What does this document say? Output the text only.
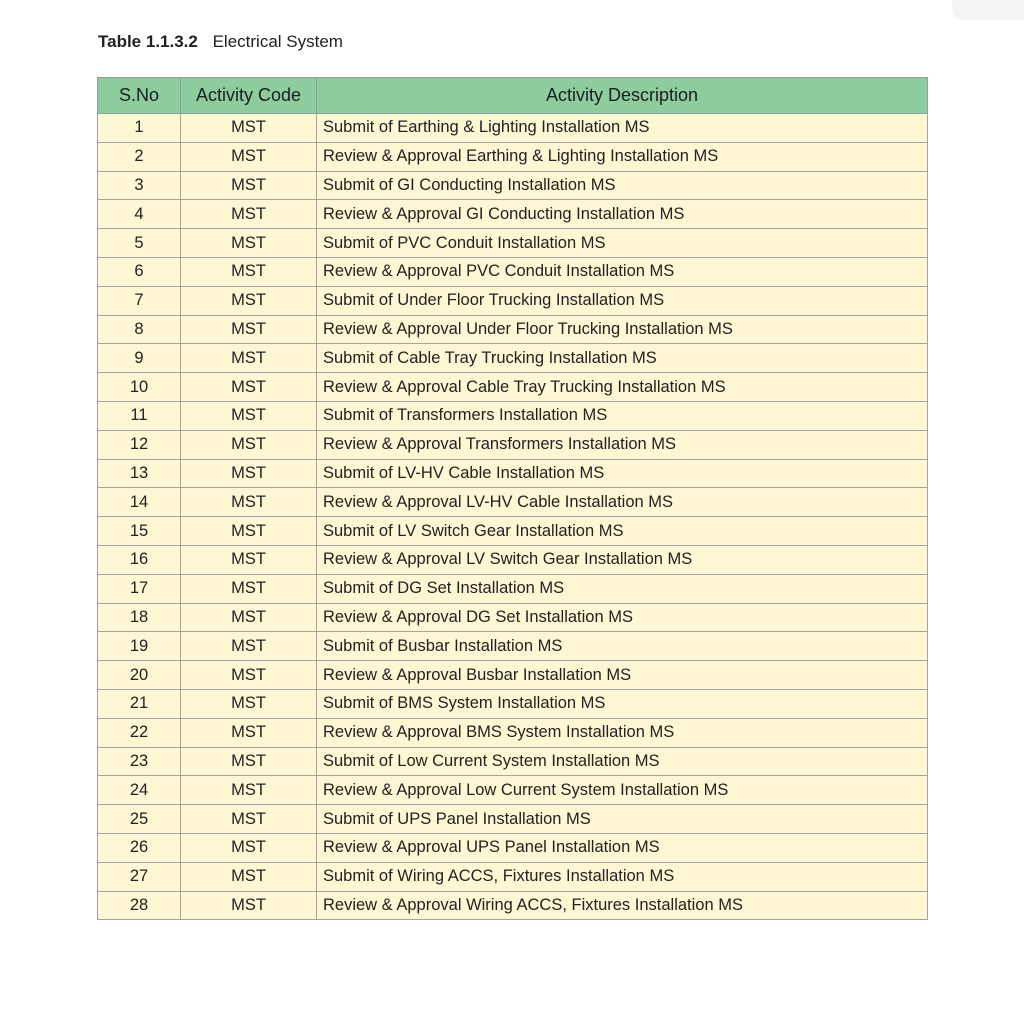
Table 1.1.3.2 Electrical System
S.No	Activity Code	Activity Description
1	MST	Submit of Earthing & Lighting Installation MS
2	MST	Review & Approval Earthing & Lighting Installation MS
3	MST	Submit of GI Conducting Installation MS
4	MST	Review & Approval GI Conducting Installation MS
5	MST	Submit of PVC Conduit Installation MS
6	MST	Review & Approval PVC Conduit Installation MS
7	MST	Submit of Under Floor Trucking Installation MS
8	MST	Review & Approval Under Floor Trucking Installation MS
9	MST	Submit of Cable Tray Trucking Installation MS
10	MST	Review & Approval Cable Tray Trucking Installation MS
11	MST	Submit of Transformers Installation MS
12	MST	Review & Approval Transformers Installation MS
13	MST	Submit of LV-HV Cable Installation MS
14	MST	Review & Approval LV-HV Cable Installation MS
15	MST	Submit of LV Switch Gear Installation MS
16	MST	Review & Approval LV Switch Gear Installation MS
17	MST	Submit of DG Set Installation MS
18	MST	Review & Approval DG Set Installation MS
19	MST	Submit of Busbar Installation MS
20	MST	Review & Approval Busbar Installation MS
21	MST	Submit of BMS System Installation MS
22	MST	Review & Approval BMS System Installation MS
23	MST	Submit of Low Current System Installation MS
24	MST	Review & Approval Low Current System Installation MS
25	MST	Submit of UPS Panel Installation MS
26	MST	Review & Approval UPS Panel Installation MS
27	MST	Submit of Wiring ACCS, Fixtures Installation MS
28	MST	Review & Approval Wiring ACCS, Fixtures Installation MS
